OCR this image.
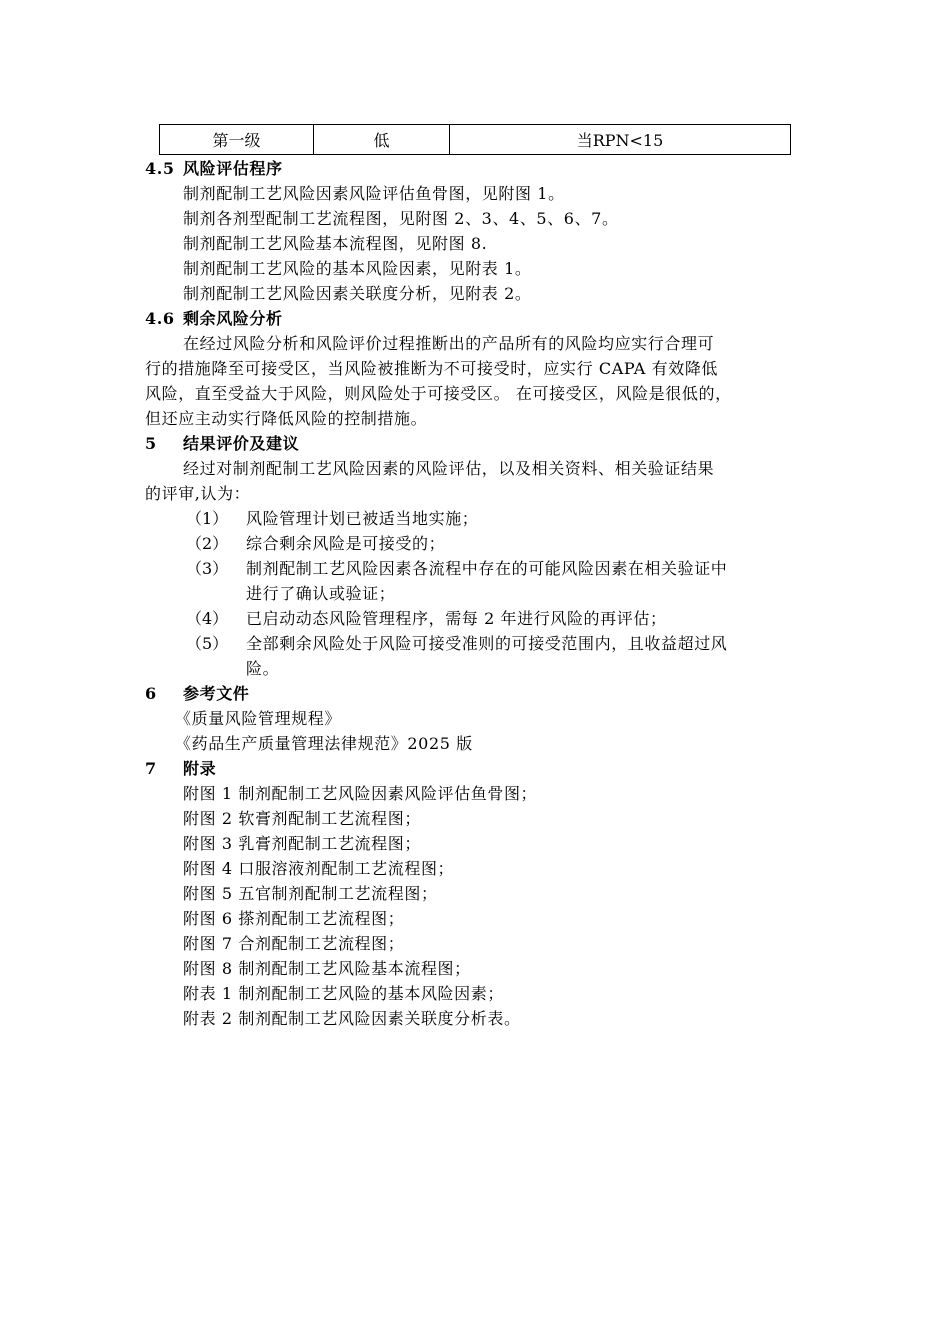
第一级	低	当RPN<15
4.5 风险评估程序
制剂配制工艺风险因素风险评估鱼骨图，见附图 1。
制剂各剂型配制工艺流程图，见附图 2、3、4、5、6、7。
制剂配制工艺风险基本流程图，见附图 8.
制剂配制工艺风险的基本风险因素，见附表 1。
制剂配制工艺风险因素关联度分析，见附表 2。
4.6 剩余风险分析
在经过风险分析和风险评价过程推断出的产品所有的风险均应实行合理可
行的措施降至可接受区，当风险被推断为不可接受时，应实行 CAPA 有效降低
风险，直至受益大于风险，则风险处于可接受区。 在可接受区，风险是很低的，
但还应主动实行降低风险的控制措施。
5 结果评价及建议
经过对制剂配制工艺风险因素的风险评估，以及相关资料、相关验证结果
的评审,认为：
（1） 风险管理计划已被适当地实施；
（2） 综合剩余风险是可接受的；
（3） 制剂配制工艺风险因素各流程中存在的可能风险因素在相关验证中
进行了确认或验证；
（4） 已启动动态风险管理程序，需每 2 年进行风险的再评估；
（5） 全部剩余风险处于风险可接受准则的可接受范围内，且收益超过风
险。
6 参考文件
《质量风险管理规程》
《药品生产质量管理法律规范》2025 版
7 附录
附图 1 制剂配制工艺风险因素风险评估鱼骨图；
附图 2 软膏剂配制工艺流程图；
附图 3 乳膏剂配制工艺流程图；
附图 4 口服溶液剂配制工艺流程图；
附图 5 五官制剂配制工艺流程图；
附图 6 搽剂配制工艺流程图；
附图 7 合剂配制工艺流程图；
附图 8 制剂配制工艺风险基本流程图；
附表 1 制剂配制工艺风险的基本风险因素；
附表 2 制剂配制工艺风险因素关联度分析表。
